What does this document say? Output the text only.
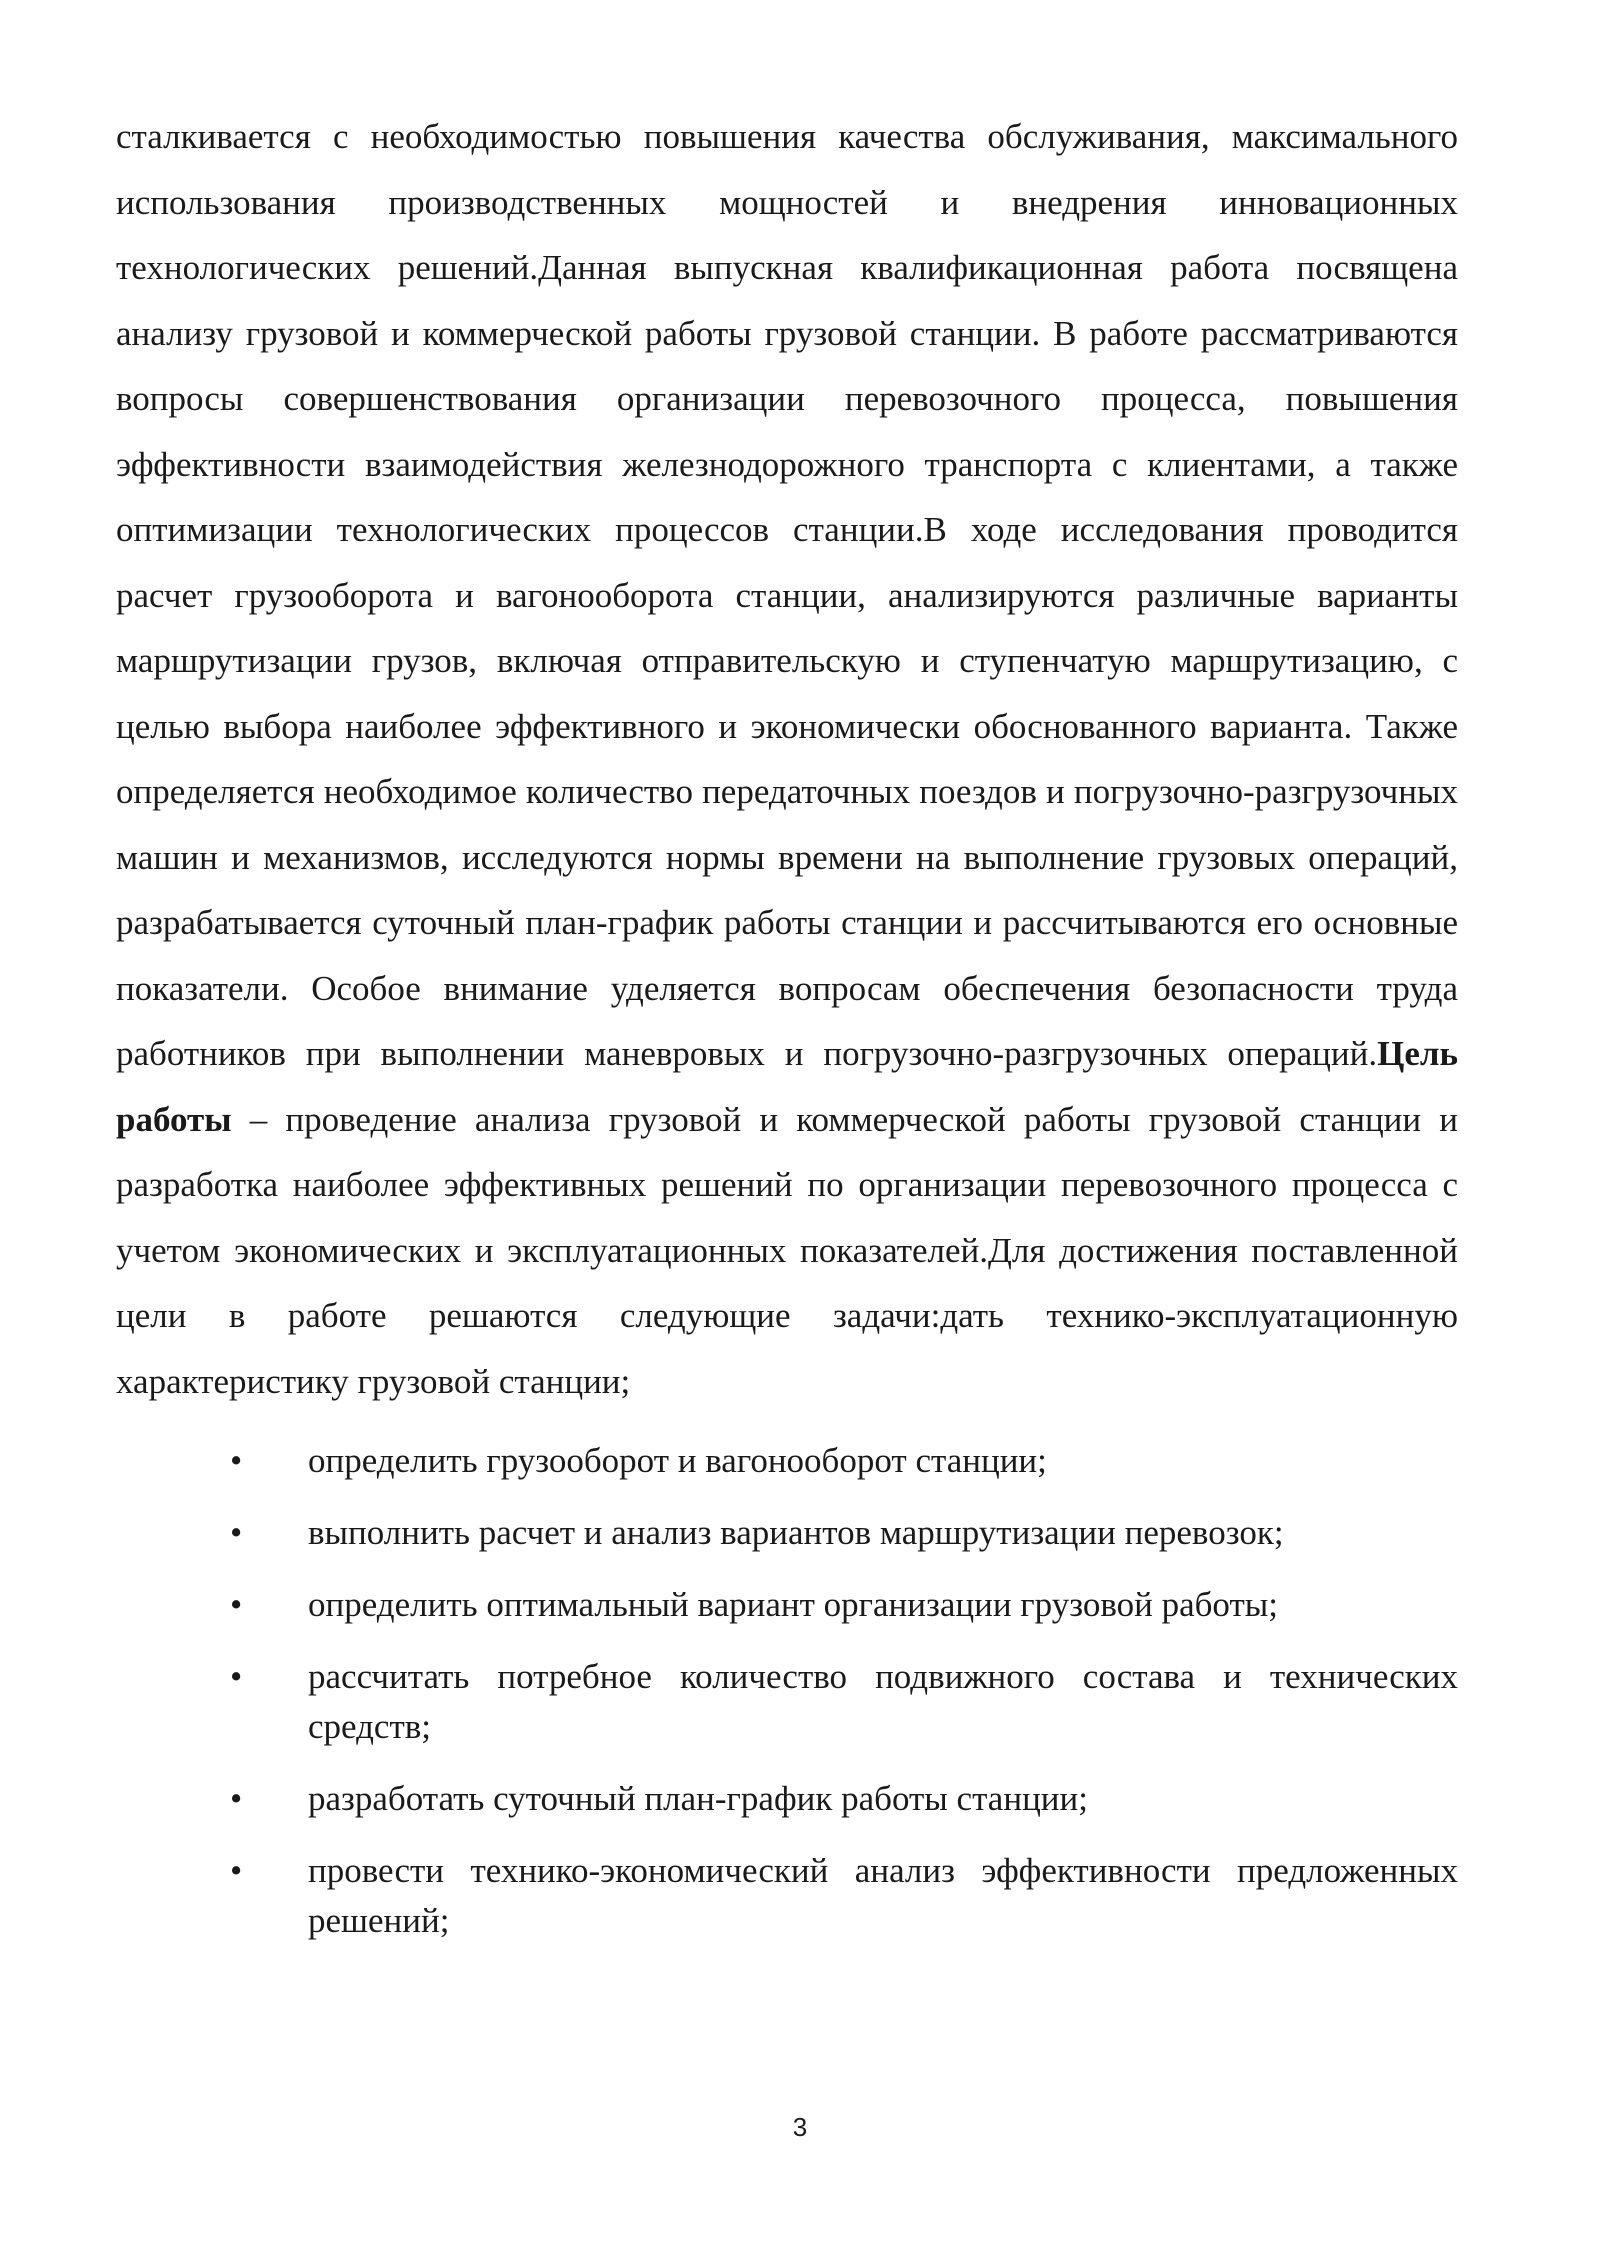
сталкивается с необходимостью повышения качества обслуживания, максимального использования производственных мощностей и внедрения инновационных технологических решений.Данная выпускная квалификационная работа посвящена анализу грузовой и коммерческой работы грузовой станции. В работе рассматриваются вопросы совершенствования организации перевозочного процесса, повышения эффективности взаимодействия железнодорожного транспорта с клиентами, а также оптимизации технологических процессов станции.В ходе исследования проводится расчет грузооборота и вагонооборота станции, анализируются различные варианты маршрутизации грузов, включая отправительскую и ступенчатую маршрутизацию, с целью выбора наиболее эффективного и экономически обоснованного варианта. Также определяется необходимое количество передаточных поездов и погрузочно-разгрузочных машин и механизмов, исследуются нормы времени на выполнение грузовых операций, разрабатывается суточный план-график работы станции и рассчитываются его основные показатели. Особое внимание уделяется вопросам обеспечения безопасности труда работников при выполнении маневровых и погрузочно-разгрузочных операций.Цель работы – проведение анализа грузовой и коммерческой работы грузовой станции и разработка наиболее эффективных решений по организации перевозочного процесса с учетом экономических и эксплуатационных показателей.Для достижения поставленной цели в работе решаются следующие задачи:дать технико-эксплуатационную характеристику грузовой станции;

• определить грузооборот и вагонооборот станции;
• выполнить расчет и анализ вариантов маршрутизации перевозок;
• определить оптимальный вариант организации грузовой работы;
• рассчитать потребное количество подвижного состава и технических средств;
• разработать суточный план-график работы станции;
• провести технико-экономический анализ эффективности предложенных решений;
3
